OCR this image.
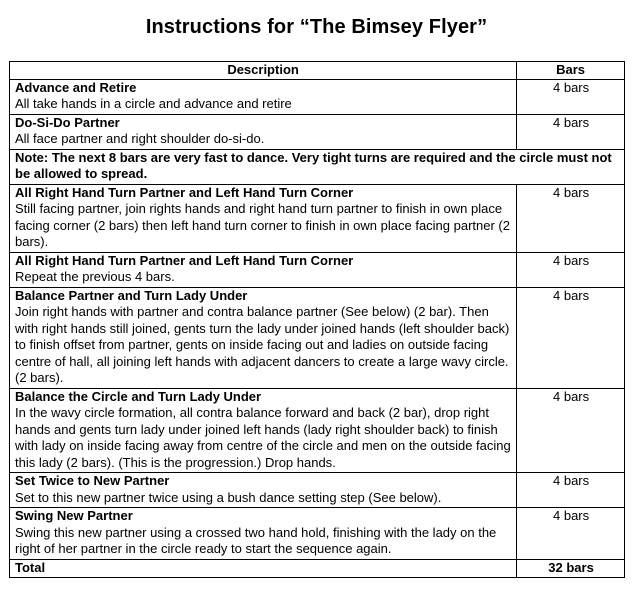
Instructions for “The Bimsey Flyer”
Description	Bars

Advance and Retire
All take hands in a circle and advance and retire	4 bars

Do-Si-Do Partner
All face partner and right shoulder do-si-do.	4 bars
Note: The next 8 bars are very fast to dance. Very tight turns are required and the circle must not be allowed to spread.	

All Right Hand Turn Partner and Left Hand Turn Corner
Still facing partner, join rights hands and right hand turn partner to finish in own place facing corner (2 bars) then left hand turn corner to finish in own place facing partner (2 bars).	4 bars

All Right Hand Turn Partner and Left Hand Turn Corner
Repeat the previous 4 bars.	4 bars

Balance Partner and Turn Lady Under
Join right hands with partner and contra balance partner (See below) (2 bar). Then with right hands still joined, gents turn the lady under joined hands (left shoulder back) to finish offset from partner, gents on inside facing out and ladies on outside facing centre of hall, all joining left hands with adjacent dancers to create a large wavy circle. (2 bars).	4 bars

Balance the Circle and Turn Lady Under
In the wavy circle formation, all contra balance forward and back (2 bar), drop right hands and gents turn lady under joined left hands (lady right shoulder back) to finish with lady on inside facing away from centre of the circle and men on the outside facing this lady (2 bars). (This is the progression.) Drop hands.	4 bars

Set Twice to New Partner
Set to this new partner twice using a bush dance setting step (See below).	4 bars

Swing New Partner
Swing this new partner using a crossed two hand hold, finishing with the lady on the right of her partner in the circle ready to start the sequence again.	4 bars
Total	32 bars
